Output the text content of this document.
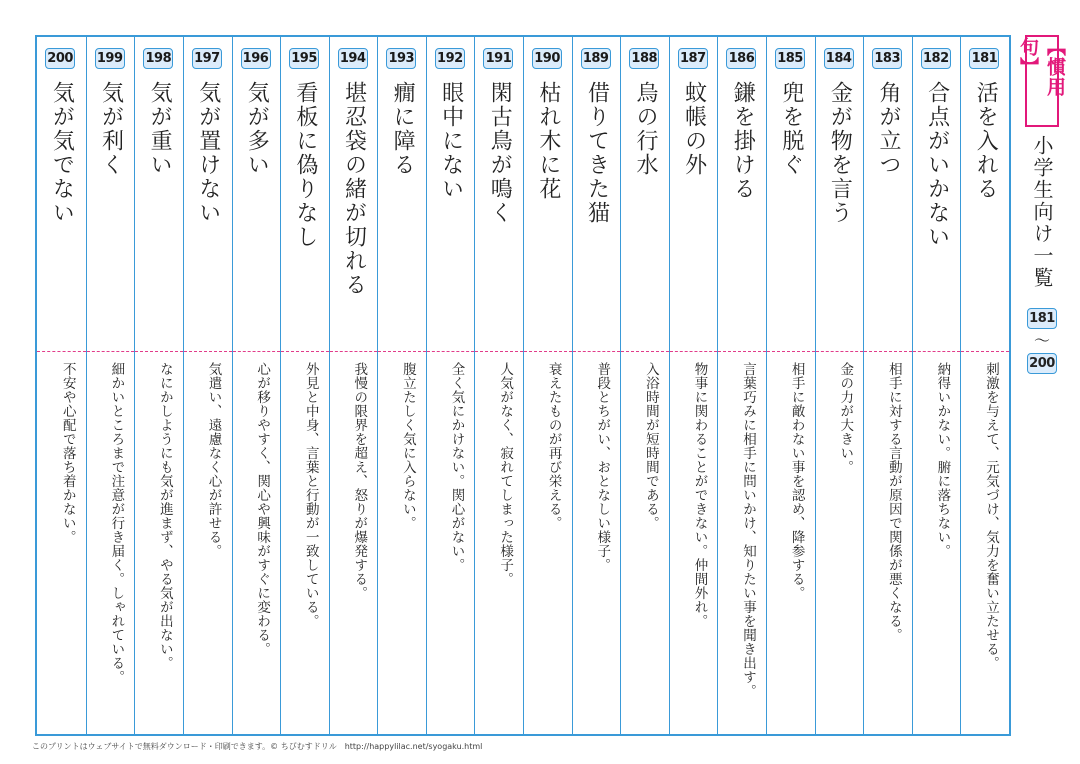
181
活を入れる
刺激を与えて、元気づけ、気力を奮い立たせる。
182
合点がいかない
納得いかない。腑に落ちない。
183
角が立つ
相手に対する言動が原因で関係が悪くなる。
184
金が物を言う
金の力が大きい。
185
兜を脱ぐ
相手に敵わない事を認め、降参する。
186
鎌を掛ける
言葉巧みに相手に問いかけ、知りたい事を聞き出す。
187
蚊帳の外
物事に関わることができない。仲間外れ。
188
烏の行水
入浴時間が短時間である。
189
借りてきた猫
普段とちがい、おとなしい様子。
190
枯れ木に花
衰えたものが再び栄える。
191
閑古鳥が鳴く
人気がなく、寂れてしまった様子。
192
眼中にない
全く気にかけない。関心がない。
193
癇に障る
腹立たしく気に入らない。
194
堪忍袋の緒が切れる
我慢の限界を超え、怒りが爆発する。
195
看板に偽りなし
外見と中身、言葉と行動が一致している。
196
気が多い
心が移りやすく、関心や興味がすぐに変わる。
197
気が置けない
気遣い、遠慮なく心が許せる。
198
気が重い
なにかしようにも気が進まず、やる気が出ない。
199
気が利く
細かいところまで注意が行き届く。しゃれている。
200
気が気でない
不安や心配で落ち着かない。
【慣用句】
小学生向け一覧
181
〜
200
このプリントはウェブサイトで無料ダウンロード・印刷できます。© ちびむすドリル　http://happylilac.net/syogaku.html
